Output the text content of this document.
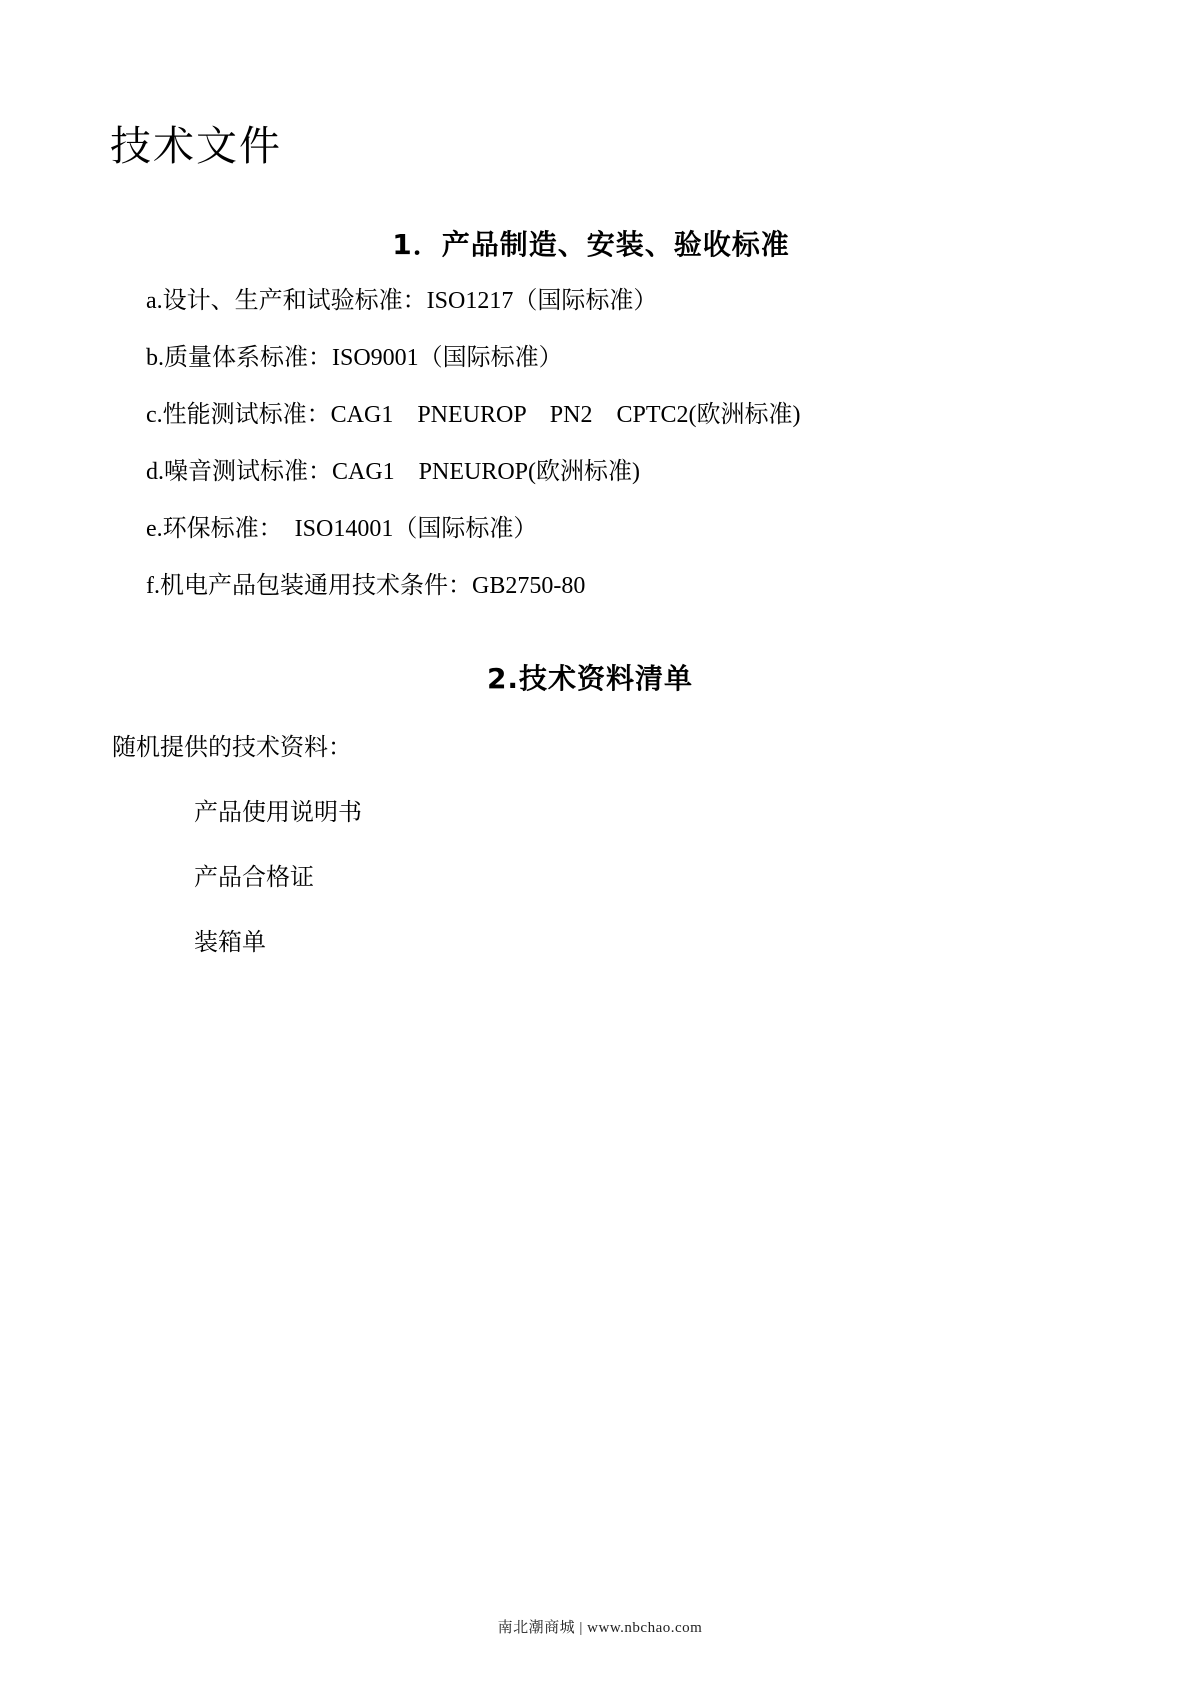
技术文件
1．产品制造、安装、验收标准
a.设计、生产和试验标准：ISO1217（国际标准）
b.质量体系标准：ISO9001（国际标准）
c.性能测试标准：CAG1　PNEUROP　PN2　CPTC2(欧洲标准)
d.噪音测试标准：CAG1　PNEUROP(欧洲标准)
e.环保标准：　ISO14001（国际标准）
f.机电产品包装通用技术条件：GB2750-80
2.技术资料清单

随机提供的技术资料：

产品使用说明书
产品合格证
装箱单
南北潮商城 | www.nbchao.com
